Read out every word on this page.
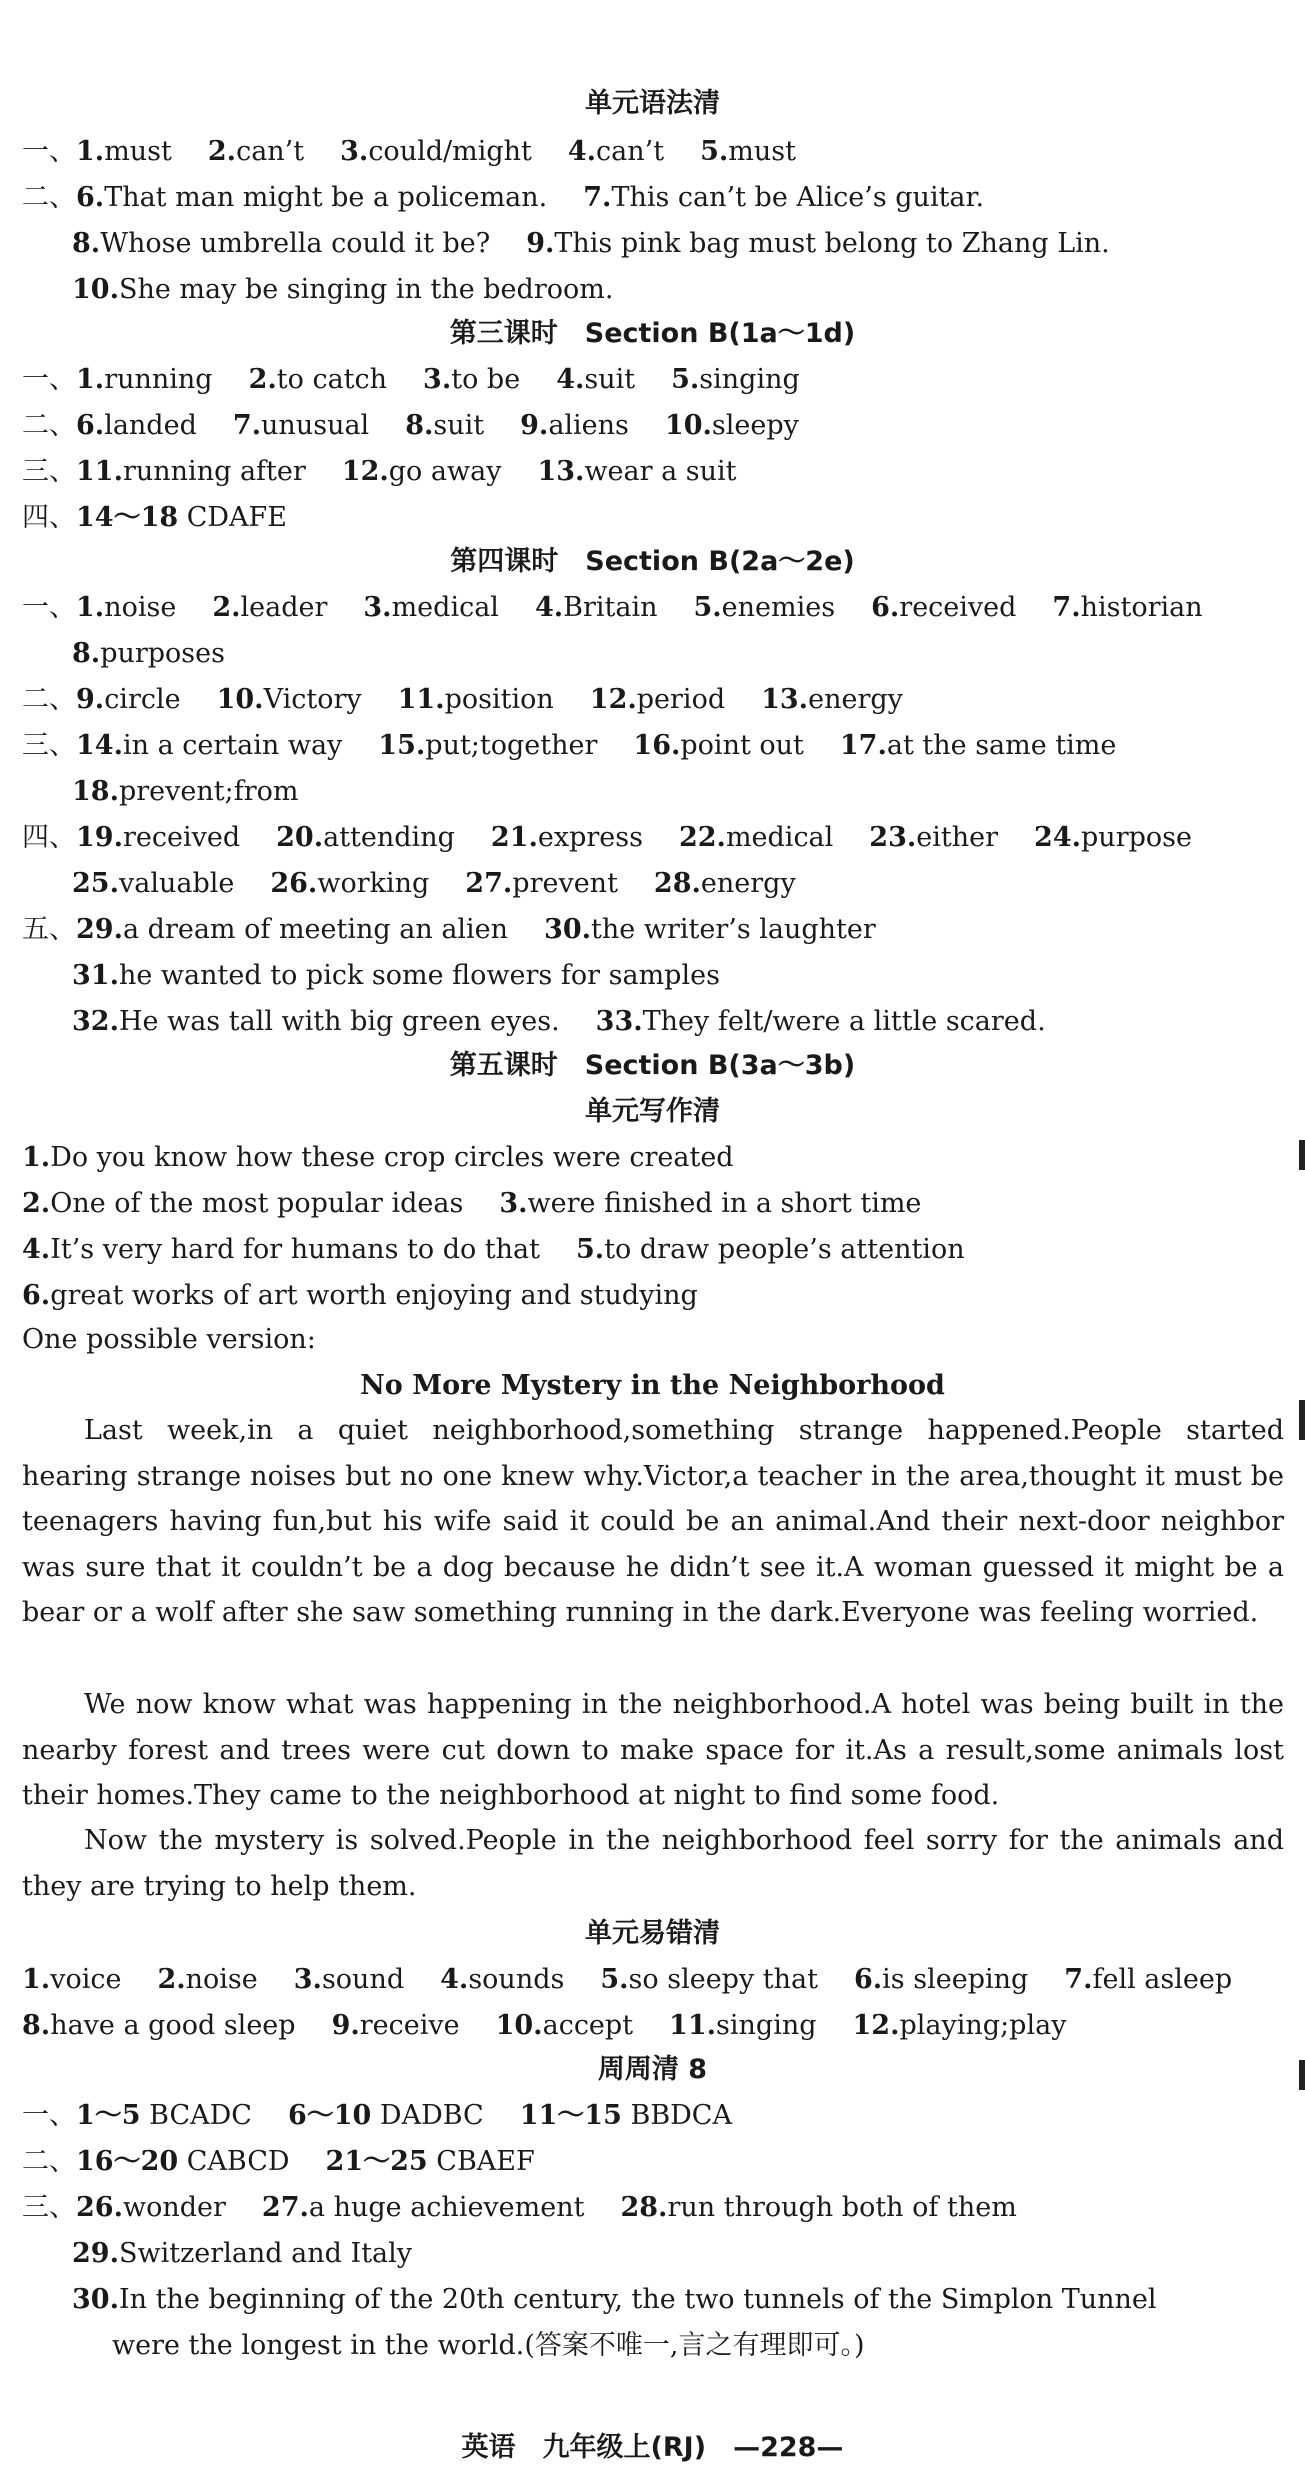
单元语法清
一、1.must 2.can’t 3.could/might 4.can’t 5.must
二、6.That man might be a policeman. 7.This can’t be Alice’s guitar.
8.Whose umbrella could it be? 9.This pink bag must belong to Zhang Lin.
10.She may be singing in the bedroom.
第三课时　Section B(1a～1d)
一、1.running 2.to catch 3.to be 4.suit 5.singing
二、6.landed 7.unusual 8.suit 9.aliens 10.sleepy
三、11.running after 12.go away 13.wear a suit
四、14～18 CDAFE
第四课时　Section B(2a～2e)
一、1.noise 2.leader 3.medical 4.Britain 5.enemies 6.received 7.historian
8.purposes
二、9.circle 10.Victory 11.position 12.period 13.energy
三、14.in a certain way 15.put;together 16.point out 17.at the same time
18.prevent;from
四、19.received 20.attending 21.express 22.medical 23.either 24.purpose
25.valuable 26.working 27.prevent 28.energy
五、29.a dream of meeting an alien 30.the writer’s laughter
31.he wanted to pick some flowers for samples
32.He was tall with big green eyes. 33.They felt/were a little scared.
第五课时　Section B(3a～3b)
单元写作清
1.Do you know how these crop circles were created
2.One of the most popular ideas 3.were finished in a short time
4.It’s very hard for humans to do that 5.to draw people’s attention
6.great works of art worth enjoying and studying
One possible version:
No More Mystery in the Neighborhood
Last week,in a quiet neighborhood,something strange happened.People started hearing strange noises but no one knew why.Victor,a teacher in the area,thought it must be teenagers having fun,but his wife said it could be an animal.And their next-door neighbor was sure that it couldn’t be a dog because he didn’t see it.A woman guessed it might be a bear or a wolf after she saw something running in the dark.Everyone was feeling worried.
We now know what was happening in the neighborhood.A hotel was being built in the nearby forest and trees were cut down to make space for it.As a result,some animals lost their homes.They came to the neighborhood at night to find some food.
Now the mystery is solved.People in the neighborhood feel sorry for the animals and they are trying to help them.
单元易错清
1.voice 2.noise 3.sound 4.sounds 5.so sleepy that 6.is sleeping 7.fell asleep
8.have a good sleep 9.receive 10.accept 11.singing 12.playing;play
周周清 8
一、1～5 BCADC 6～10 DADBC 11～15 BBDCA
二、16～20 CABCD 21～25 CBAEF
三、26.wonder 27.a huge achievement 28.run through both of them
29.Switzerland and Italy
30.In the beginning of the 20th century, the two tunnels of the Simplon Tunnel
were the longest in the world.(答案不唯一,言之有理即可。)
英语　九年级上(RJ)　—228—
